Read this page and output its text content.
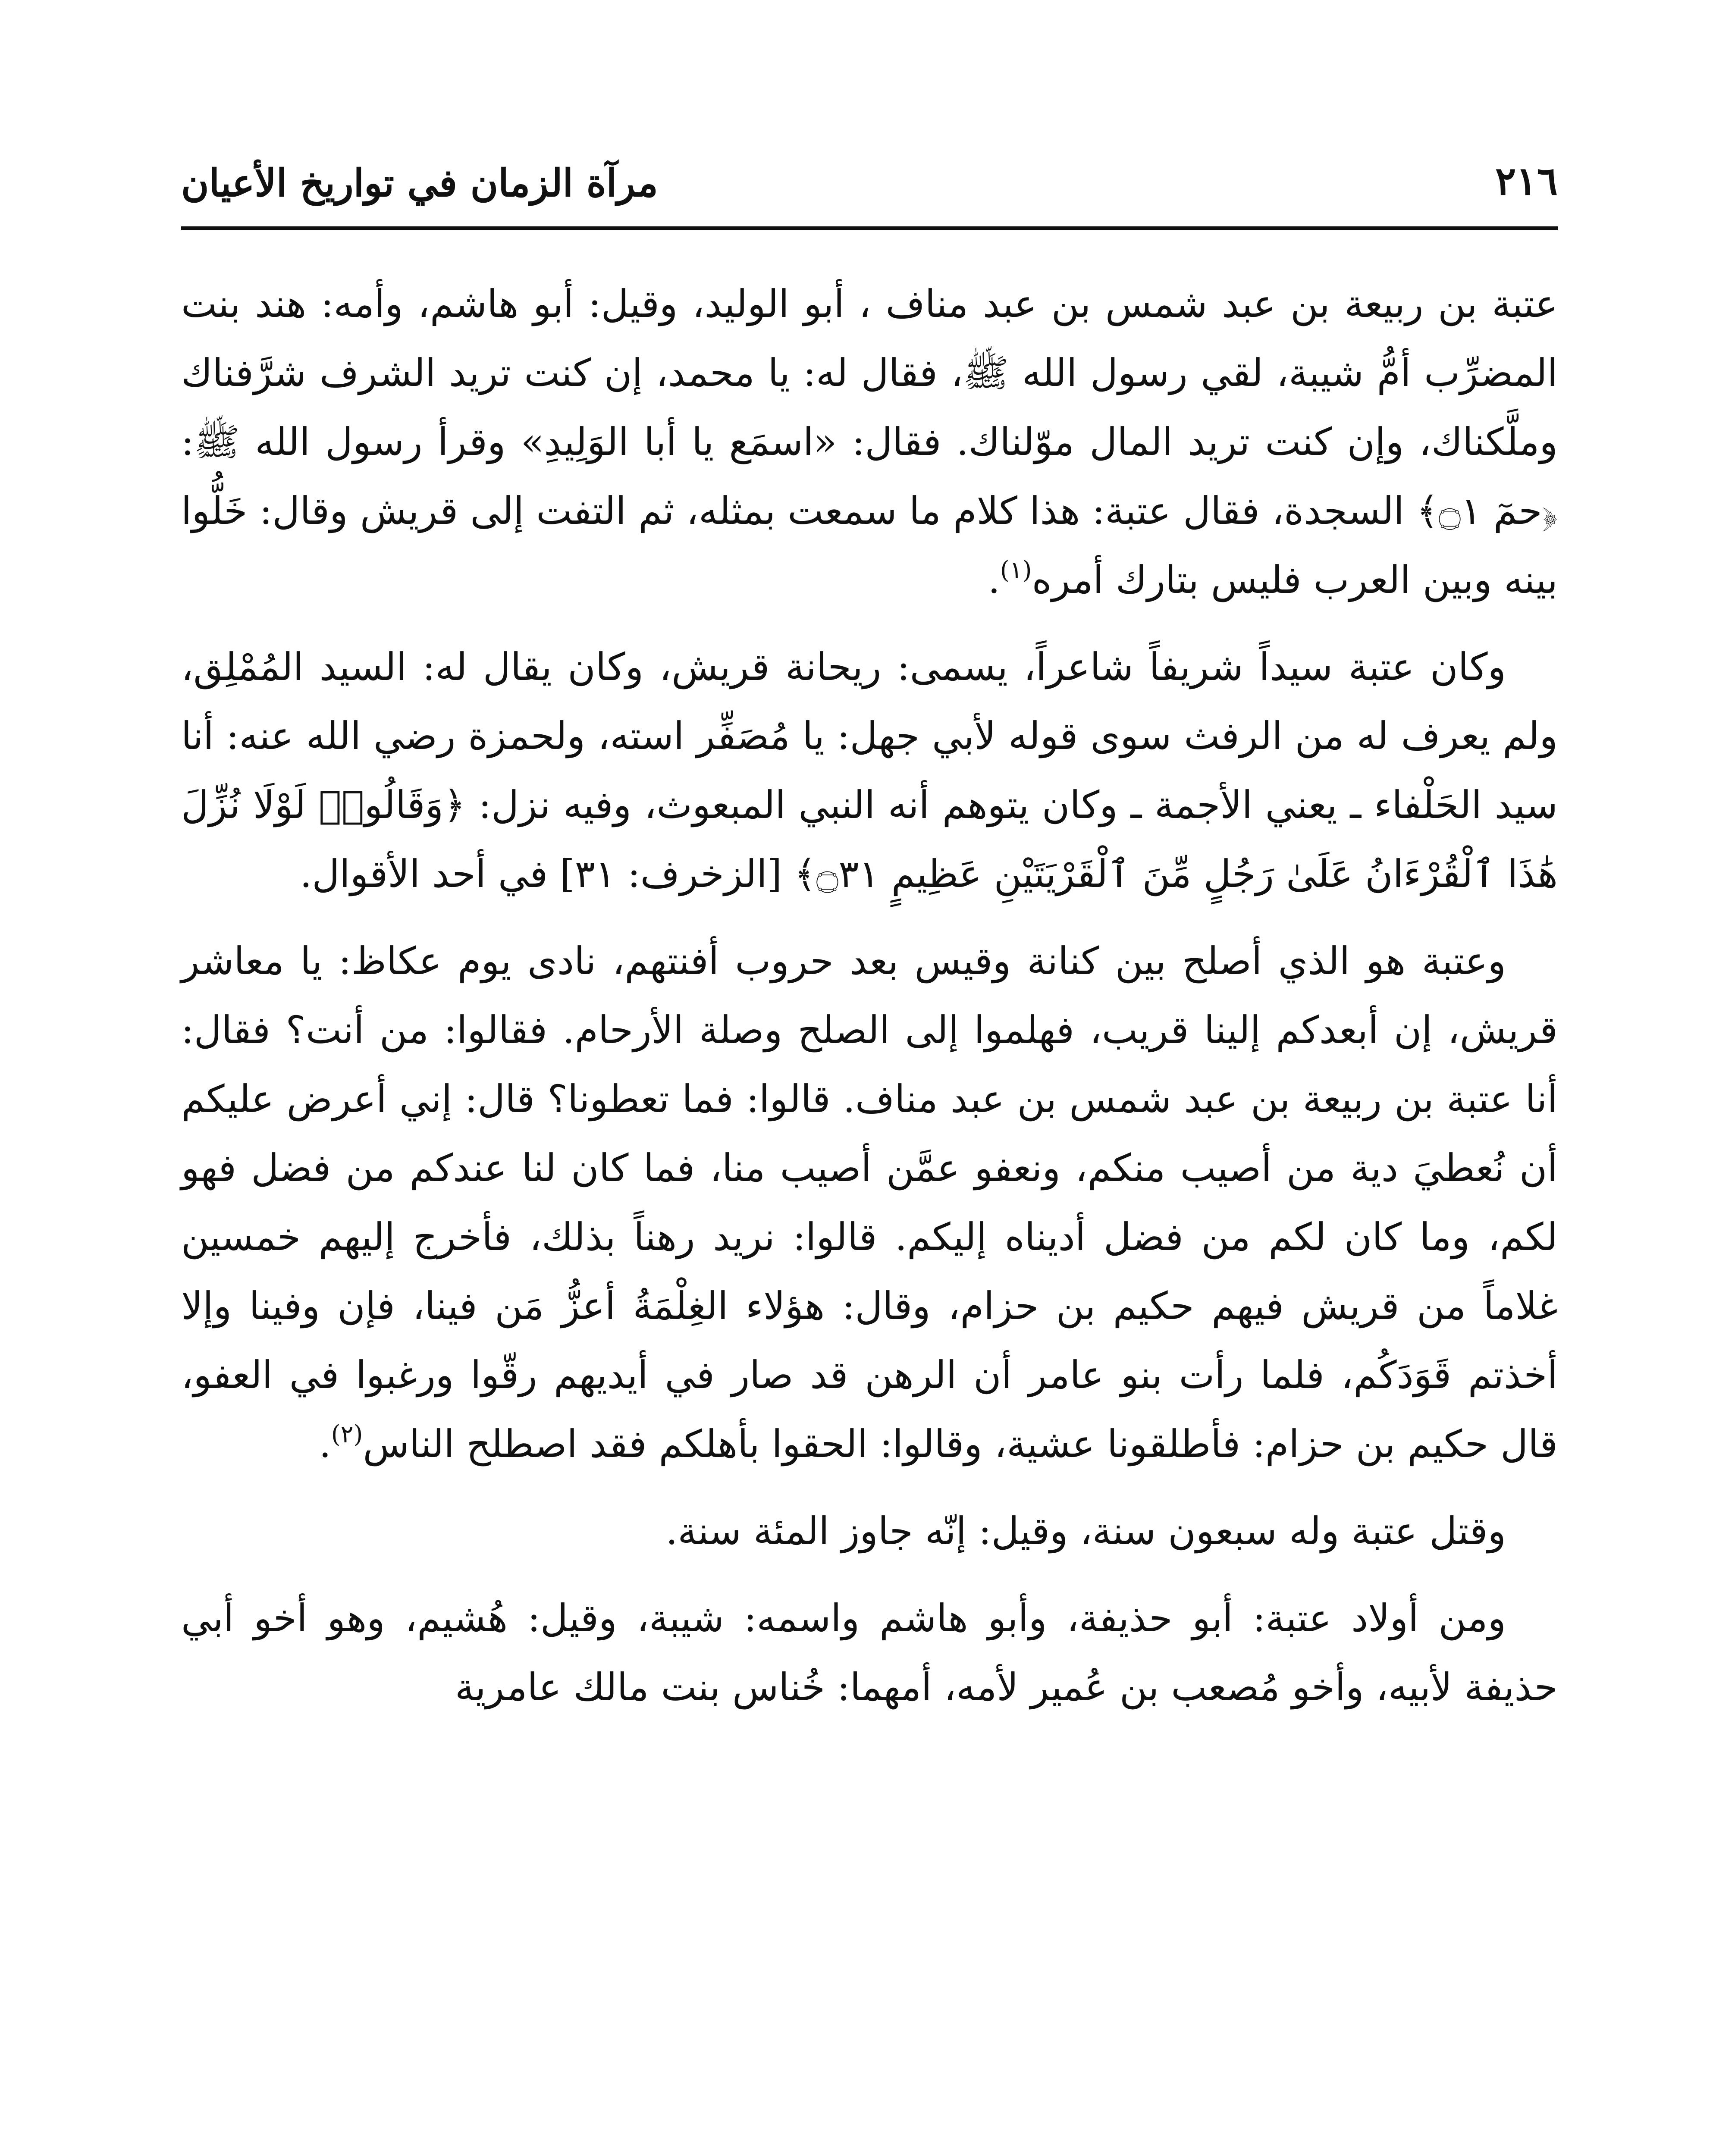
٢١٦
مرآة الزمان في تواريخ الأعيان

عتبة بن ربيعة بن عبد شمس بن عبد مناف ، أبو الوليد، وقيل: أبو هاشم، وأمه: هند بنت المضرِّب أمُّ شيبة، لقي رسول الله ﷺ، فقال له: يا محمد، إن كنت تريد الشرف شرَّفناك وملَّكناك، وإن كنت تريد المال موّلناك. فقال: «اسمَع يا أبا الوَلِيدِ» وقرأ رسول الله ﷺ: ﴿حمٓ ۝١﴾ السجدة، فقال عتبة: هذا كلام ما سمعت بمثله، ثم التفت إلى قريش وقال: خَلُّوا بينه وبين العرب فليس بتارك أمره$^{(١)}$.

وكان عتبة سيداً شريفاً شاعراً، يسمى: ريحانة قريش، وكان يقال له: السيد المُمْلِق، ولم يعرف له من الرفث سوى قوله لأبي جهل: يا مُصَفِّر استه، ولحمزة رضي الله عنه: أنا سيد الحَلْفاء ـ يعني الأجمة ـ وكان يتوهم أنه النبي المبعوث، وفيه نزل: ﴿وَقَالُوا۟ لَوْلَا نُزِّلَ هَٰذَا ٱلْقُرْءَانُ عَلَىٰ رَجُلٍ مِّنَ ٱلْقَرْيَتَيْنِ عَظِيمٍ ۝٣١﴾ [الزخرف: ٣١] في أحد الأقوال.

وعتبة هو الذي أصلح بين كنانة وقيس بعد حروب أفنتهم، نادى يوم عكاظ: يا معاشر قريش، إن أبعدكم إلينا قريب، فهلموا إلى الصلح وصلة الأرحام. فقالوا: من أنت؟ فقال: أنا عتبة بن ربيعة بن عبد شمس بن عبد مناف. قالوا: فما تعطونا؟ قال: إني أعرض عليكم أن نُعطيَ دية من أصيب منكم، ونعفو عمَّن أصيب منا، فما كان لنا عندكم من فضل فهو لكم، وما كان لكم من فضل أديناه إليكم. قالوا: نريد رهناً بذلك، فأخرج إليهم خمسين غلاماً من قريش فيهم حكيم بن حزام، وقال: هؤلاء الغِلْمَةُ أعزُّ مَن فينا، فإن وفينا وإلا أخذتم قَوَدَكُم، فلما رأت بنو عامر أن الرهن قد صار في أيديهم رقّوا ورغبوا في العفو، قال حكيم بن حزام: فأطلقونا عشية، وقالوا: الحقوا بأهلكم فقد اصطلح الناس$^{(٢)}$.

وقتل عتبة وله سبعون سنة، وقيل: إنّه جاوز المئة سنة.

ومن أولاد عتبة: أبو حذيفة، وأبو هاشم واسمه: شيبة، وقيل: هُشيم، وهو أخو أبي حذيفة لأبيه، وأخو مُصعب بن عُمير لأمه، أمهما: خُناس بنت مالك عامرية
